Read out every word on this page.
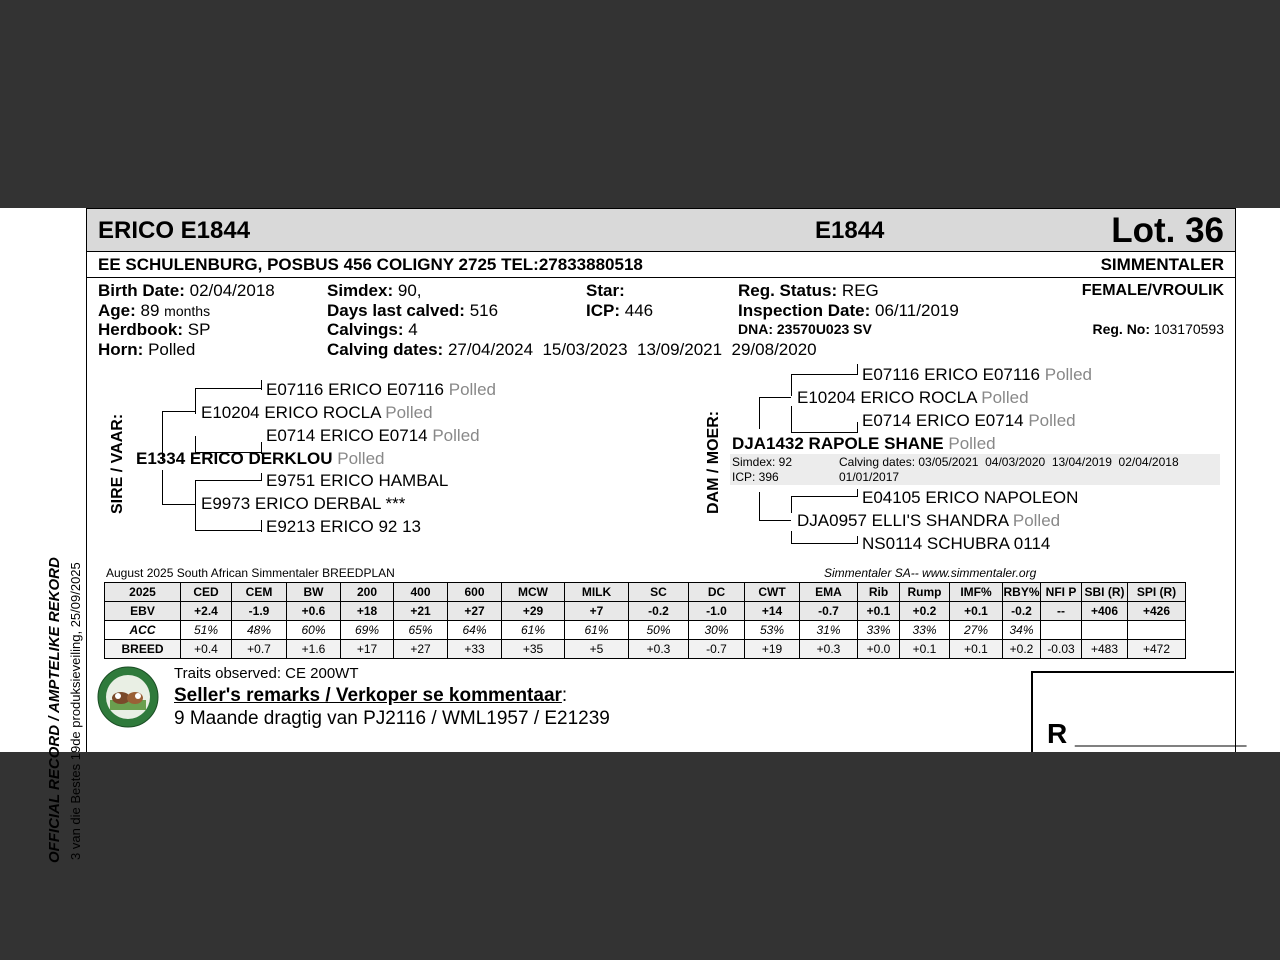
OFFICIAL RECORD / AMPTELIKE REKORD 3 van die Bestes 19de produksieveiling, 25/09/2025
ERICO E1844	E1844	Lot. 36
EE SCHULENBURG, POSBUS 456 COLIGNY 2725 TEL:27833880518	SIMMENTALER
Birth Date: 02/04/2018
Age: 89 months
Herdbook: SP
Horn: Polled
Simdex: 90,
Days last calved: 516
Calvings: 4
Calving dates: 27/04/2024  15/03/2023  13/09/2021  29/08/2020
Star:
ICP: 446
Reg. Status: REG
Inspection Date: 06/11/2019
DNA: 23570U023 SV
FEMALE/VROULIK
Reg. No: 103170593
SIRE / VAAR:
E07116 ERICO E07116 Polled
E10204 ERICO ROCLA Polled
E0714 ERICO E0714 Polled
E1334 ERICO DERKLOU Polled
E9751 ERICO HAMBAL
E9973 ERICO DERBAL ***
E9213 ERICO 92 13
DAM / MOER:
E07116 ERICO E07116 Polled
E10204 ERICO ROCLA Polled
E0714 ERICO E0714 Polled
DJA1432 RAPOLE SHANE Polled
Simdex: 92
ICP: 396
Calving dates: 03/05/2021  04/03/2020  13/04/2019  02/04/2018
01/01/2017
E04105 ERICO NAPOLEON
DJA0957 ELLI'S SHANDRA Polled
NS0114 SCHUBRA 0114
August 2025 South African Simmentaler BREEDPLAN	Simmentaler SA-- www.simmentaler.org
2025	CED	CEM	BW	200	400	600	MCW	MILK	SC	DC	CWT	EMA	Rib	Rump	IMF%	RBY%	NFI P	SBI (R)	SPI (R)
EBV	+2.4	-1.9	+0.6	+18	+21	+27	+29	+7	-0.2	-1.0	+14	-0.7	+0.1	+0.2	+0.1	-0.2	--	+406	+426
ACC	51%	48%	60%	69%	65%	64%	61%	61%	50%	30%	53%	31%	33%	33%	27%	34%			
BREED	+0.4	+0.7	+1.6	+17	+27	+33	+35	+5	+0.3	-0.7	+19	+0.3	+0.0	+0.1	+0.1	+0.2	-0.03	+483	+472
Traits observed: CE 200WT
Seller's remarks / Verkoper se kommentaar:
9 Maande dragtig van PJ2116 / WML1957 / E21239	R ___________
